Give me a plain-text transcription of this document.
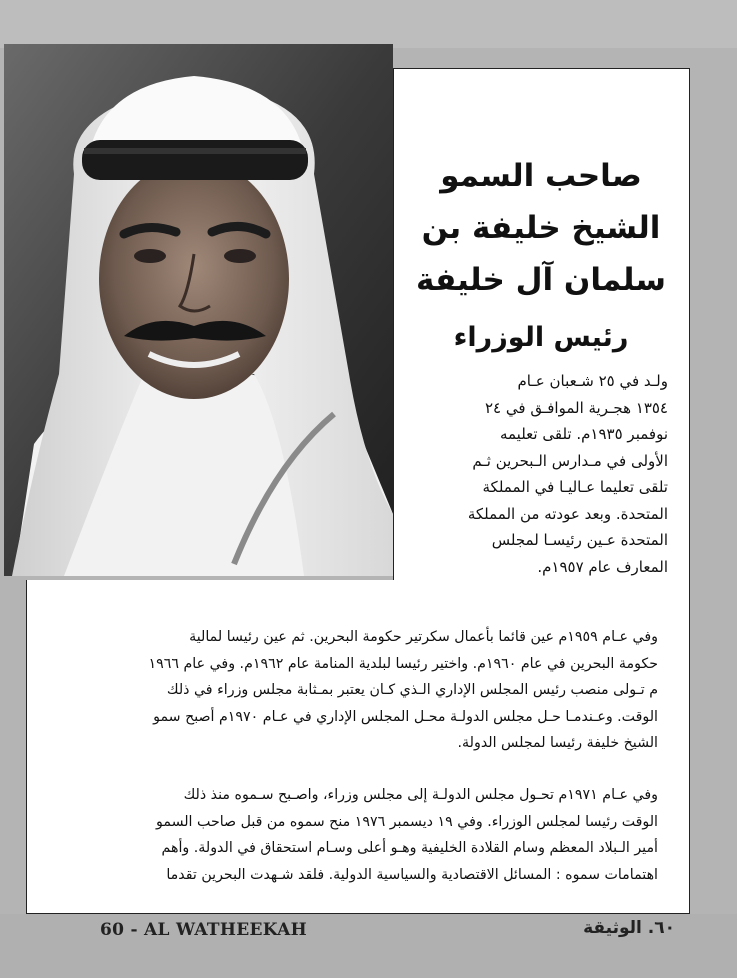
صاحب السمو
الشيخ خليفة بن
سلمان آل خليفة
رئيس الوزراء
ولـد في ٢٥ شـعبان عـام
١٣٥٤ هجـرية الموافـق في ٢٤
نوفمبر ١٩٣٥م. تلقى تعليمه
الأولى في مـدارس الـبحرين ثـم
تلقى تعليما عـاليـا في المملكة
المتحدة. وبعد عودته من المملكة
المتحدة عـين رئيسـا لمجلس
المعارف عام ١٩٥٧م.
وفي عـام ١٩٥٩م عين قائما بأعمال سكرتير حكومة البحرين. ثم عين رئيسا لمالية
حكومة البحرين في عام ١٩٦٠م. واختير رئيسا لبلدية المنامة عام ١٩٦٢م. وفي عام ١٩٦٦
م تـولى منصب رئيس المجلس الإداري الـذي كـان يعتبر بمـثابة مجلس وزراء في ذلك
الوقت. وعـندمـا حـل مجلس الدولـة محـل المجلس الإداري في عـام ١٩٧٠م أصبح سمو
الشيخ خليفة رئيسا لمجلس الدولة.
وفي عـام ١٩٧١م تحـول مجلس الدولـة إلى مجلس وزراء، واصـبح سـموه منذ ذلك
الوقت رئيسا لمجلس الوزراء. وفي ١٩ ديسمبر ١٩٧٦ منح سموه من قبل صاحب السمو
أمير الـبلاد المعظم وسام القلادة الخليفية وهـو أعلى وسـام استحقاق في الدولة. وأهم
اهتمامات سموه : المسائل الاقتصادية والسياسية الدولية. فلقد شـهدت البحرين تقدما
60 - AL WATHEEKAH	٦٠. الوثيقة
